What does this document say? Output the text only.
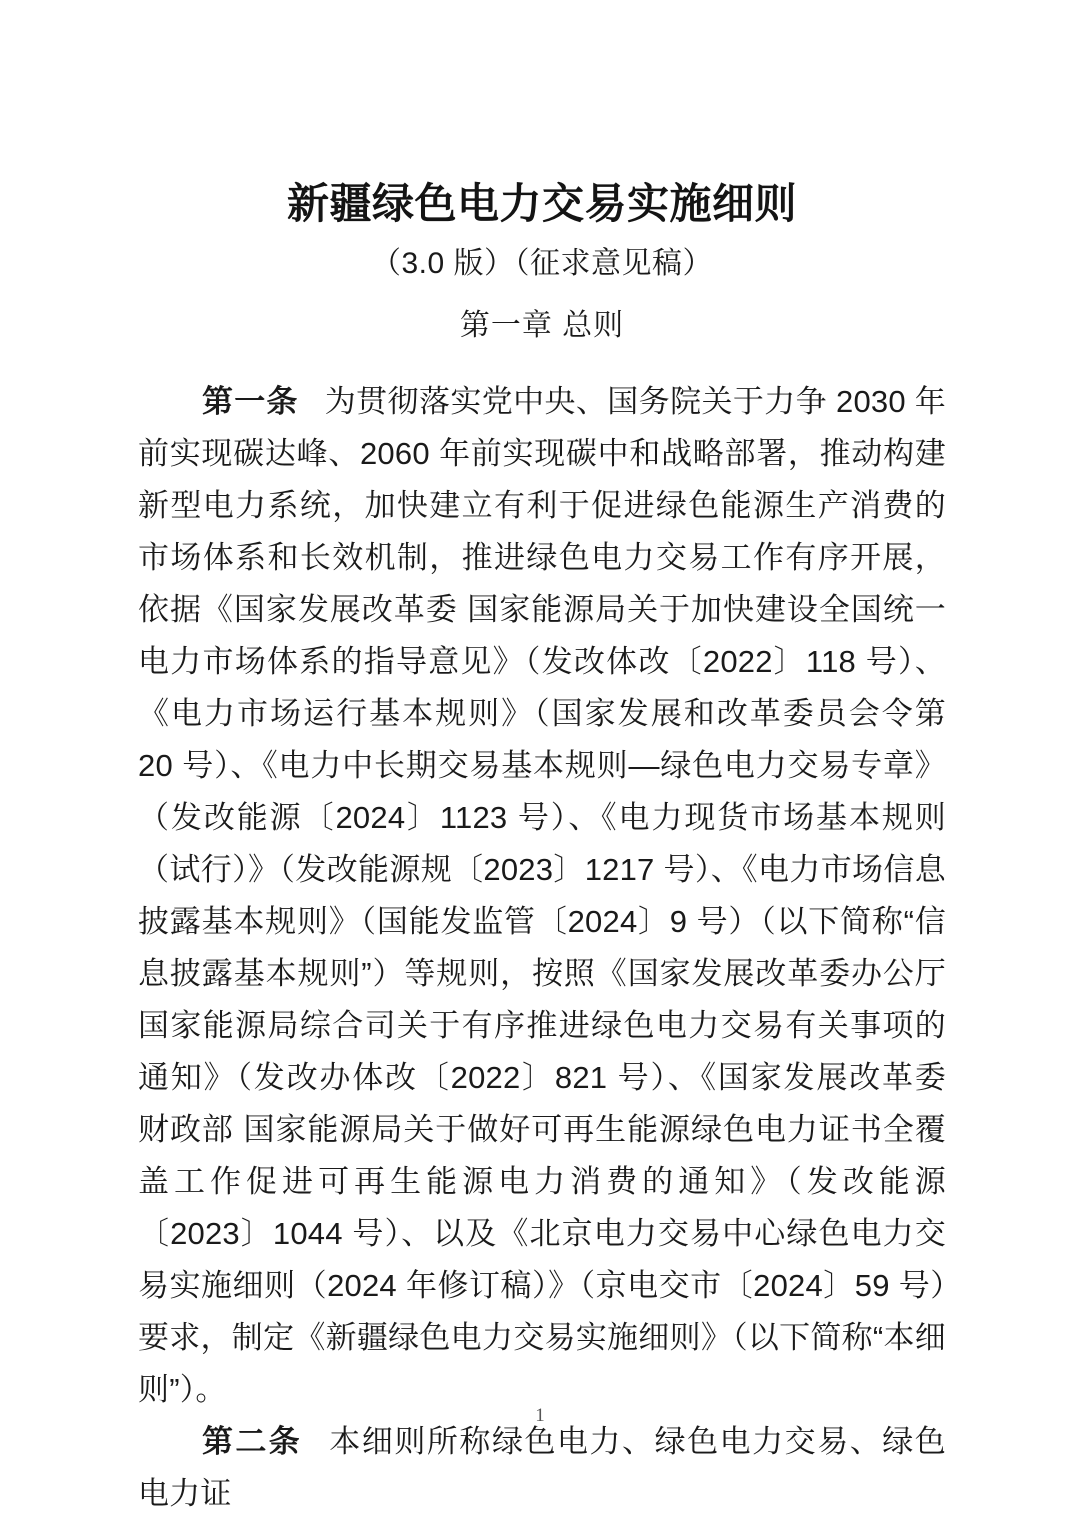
新疆绿色电力交易实施细则
（3.0 版）（征求意见稿）
第一章 总则

第一条 为贯彻落实党中央、国务院关于力争 2030 年前实现碳达峰、2060 年前实现碳中和战略部署，推动构建新型电力系统，加快建立有利于促进绿色能源生产消费的市场体系和长效机制，推进绿色电力交易工作有序开展，依据《国家发展改革委 国家能源局关于加快建设全国统一电力市场体系的指导意见》（发改体改〔2022〕118 号）、《电力市场运行基本规则》（国家发展和改革委员会令第 20 号）、《电力中长期交易基本规则—绿色电力交易专章》（发改能源〔2024〕1123 号）、《电力现货市场基本规则（试行）》（发改能源规〔2023〕1217 号）、《电力市场信息披露基本规则》（国能发监管〔2024〕9 号）（以下简称“信息披露基本规则”）等规则，按照《国家发展改革委办公厅 国家能源局综合司关于有序推进绿色电力交易有关事项的通知》（发改办体改〔2022〕821 号）、《国家发展改革委 财政部 国家能源局关于做好可再生能源绿色电力证书全覆盖工作促进可再生能源电力消费的通知》（发改能源〔2023〕1044 号）、以及《北京电力交易中心绿色电力交易实施细则（2024 年修订稿）》（京电交市〔2024〕59 号）要求，制定《新疆绿色电力交易实施细则》（以下简称“本细则”）。

第二条 本细则所称绿色电力、绿色电力交易、绿色电力证

1
